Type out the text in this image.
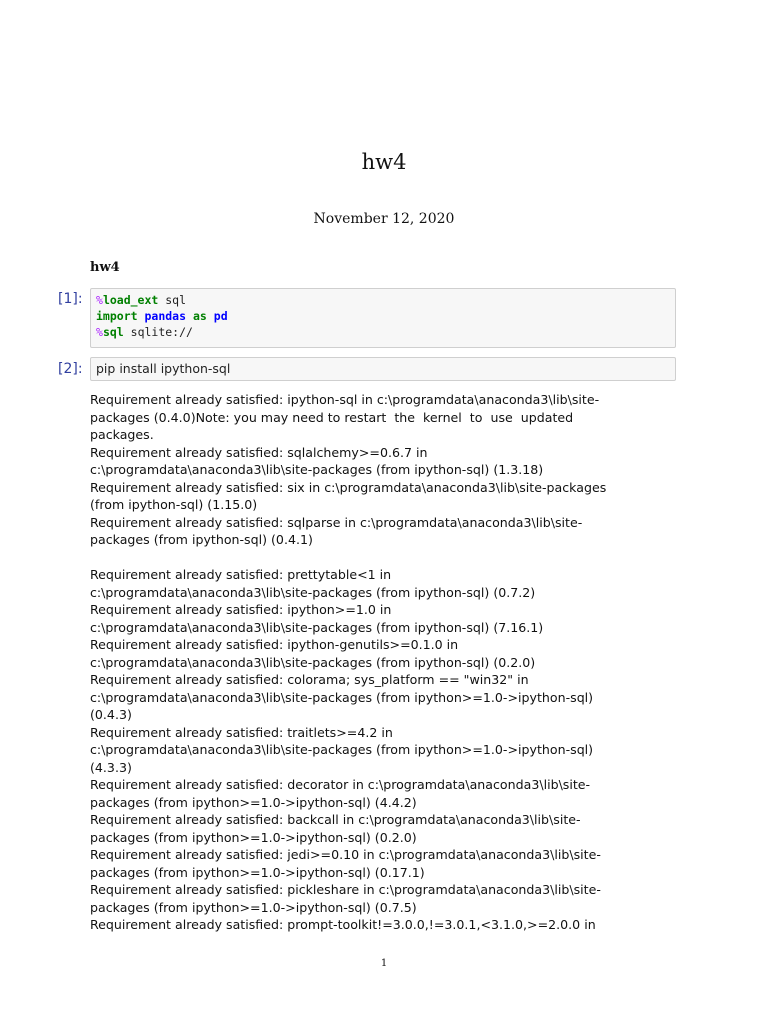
hw4
November 12, 2020
hw4
[1]:	%load_ext sql
import pandas as pd
%sql sqlite://
[2]:	pip install ipython-sql
Requirement already satisfied: ipython-sql in c:\programdata\anaconda3\lib\site-
packages (0.4.0)Note: you may need to restart  the  kernel  to  use  updated
packages.
Requirement already satisfied: sqlalchemy>=0.6.7 in
c:\programdata\anaconda3\lib\site-packages (from ipython-sql) (1.3.18)
Requirement already satisfied: six in c:\programdata\anaconda3\lib\site-packages
(from ipython-sql) (1.15.0)
Requirement already satisfied: sqlparse in c:\programdata\anaconda3\lib\site-
packages (from ipython-sql) (0.4.1)
Requirement already satisfied: prettytable<1 in
c:\programdata\anaconda3\lib\site-packages (from ipython-sql) (0.7.2)
Requirement already satisfied: ipython>=1.0 in
c:\programdata\anaconda3\lib\site-packages (from ipython-sql) (7.16.1)
Requirement already satisfied: ipython-genutils>=0.1.0 in
c:\programdata\anaconda3\lib\site-packages (from ipython-sql) (0.2.0)
Requirement already satisfied: colorama; sys_platform == "win32" in
c:\programdata\anaconda3\lib\site-packages (from ipython>=1.0->ipython-sql)
(0.4.3)
Requirement already satisfied: traitlets>=4.2 in
c:\programdata\anaconda3\lib\site-packages (from ipython>=1.0->ipython-sql)
(4.3.3)
Requirement already satisfied: decorator in c:\programdata\anaconda3\lib\site-
packages (from ipython>=1.0->ipython-sql) (4.4.2)
Requirement already satisfied: backcall in c:\programdata\anaconda3\lib\site-
packages (from ipython>=1.0->ipython-sql) (0.2.0)
Requirement already satisfied: jedi>=0.10 in c:\programdata\anaconda3\lib\site-
packages (from ipython>=1.0->ipython-sql) (0.17.1)
Requirement already satisfied: pickleshare in c:\programdata\anaconda3\lib\site-
packages (from ipython>=1.0->ipython-sql) (0.7.5)
Requirement already satisfied: prompt-toolkit!=3.0.0,!=3.0.1,<3.1.0,>=2.0.0 in
1
